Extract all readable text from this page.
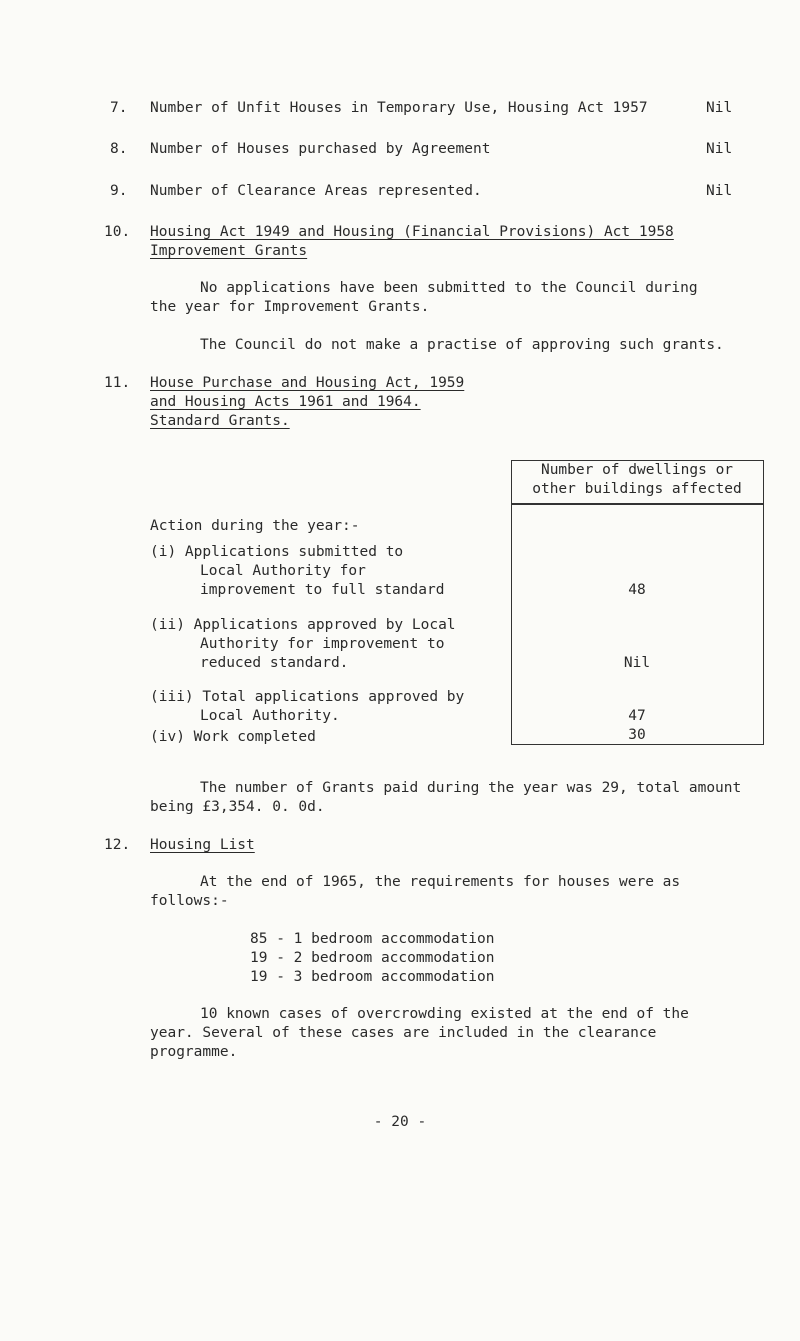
7.	Number of Unfit Houses in Temporary Use, Housing Act 1957	Nil
8.	Number of Houses purchased by Agreement	Nil
9.	Number of Clearance Areas represented.	Nil
10.	Housing Act 1949 and Housing (Financial Provisions) Act 1958
Improvement Grants
No applications have been submitted to the Council during
the year for Improvement Grants.
The Council do not make a practise of approving such grants.
11.	House Purchase and Housing Act, 1959
and Housing Acts 1961 and 1964.
Standard Grants.
Number of dwellings or
other buildings affected
Action during the year:-
(i) Applications submitted to
Local Authority for
improvement to full standard	48
(ii) Applications approved by Local
Authority for improvement to
reduced standard.	Nil
(iii) Total applications approved by
Local Authority.	47
(iv) Work completed	30
The number of Grants paid during the year was 29, total amount
being £3,354. 0. 0d.
12.	Housing List
At the end of 1965, the requirements for houses were as
follows:-
85 - 1 bedroom accommodation
19 - 2 bedroom accommodation
19 - 3 bedroom accommodation
10 known cases of overcrowding existed at the end of the
year. Several of these cases are included in the clearance
programme.
- 20 -
